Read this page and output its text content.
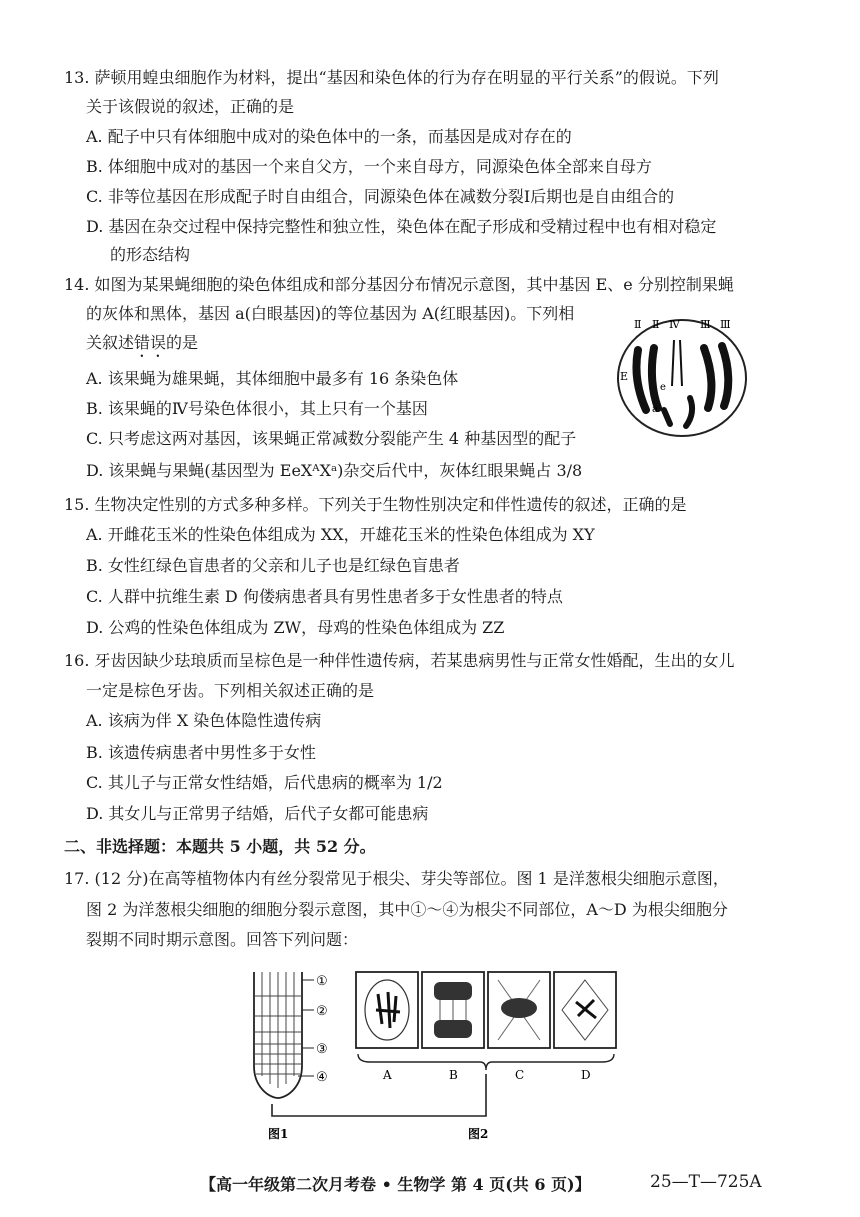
13. 萨顿用蝗虫细胞作为材料，提出“基因和染色体的行为存在明显的平行关系”的假说。下列
关于该假说的叙述，正确的是
A. 配子中只有体细胞中成对的染色体中的一条，而基因是成对存在的
B. 体细胞中成对的基因一个来自父方，一个来自母方，同源染色体全部来自母方
C. 非等位基因在形成配子时自由组合，同源染色体在减数分裂Ⅰ后期也是自由组合的
D. 基因在杂交过程中保持完整性和独立性，染色体在配子形成和受精过程中也有相对稳定
的形态结构
14. 如图为某果蝇细胞的染色体组成和部分基因分布情况示意图，其中基因 E、e 分别控制果蝇
的灰体和黑体，基因 a(白眼基因)的等位基因为 A(红眼基因)。下列相
关叙述错误的是
A. 该果蝇为雄果蝇，其体细胞中最多有 16 条染色体
B. 该果蝇的Ⅳ号染色体很小，其上只有一个基因
C. 只考虑这两对基因，该果蝇正常减数分裂能产生 4 种基因型的配子
D. 该果蝇与果蝇(基因型为 EeXᴬXᵃ)杂交后代中，灰体红眼果蝇占 3/8
Ⅱ Ⅱ Ⅳ Ⅲ Ⅲ
E
e
a
15. 生物决定性别的方式多种多样。下列关于生物性别决定和伴性遗传的叙述，正确的是
A. 开雌花玉米的性染色体组成为 XX，开雄花玉米的性染色体组成为 XY
B. 女性红绿色盲患者的父亲和儿子也是红绿色盲患者
C. 人群中抗维生素 D 佝偻病患者具有男性患者多于女性患者的特点
D. 公鸡的性染色体组成为 ZW，母鸡的性染色体组成为 ZZ
16. 牙齿因缺少珐琅质而呈棕色是一种伴性遗传病，若某患病男性与正常女性婚配，生出的女儿
一定是棕色牙齿。下列相关叙述正确的是
A. 该病为伴 X 染色体隐性遗传病
B. 该遗传病患者中男性多于女性
C. 其儿子与正常女性结婚，后代患病的概率为 1/2
D. 其女儿与正常男子结婚，后代子女都可能患病
二、非选择题：本题共 5 小题，共 52 分。
17. (12 分)在高等植物体内有丝分裂常见于根尖、芽尖等部位。图 1 是洋葱根尖细胞示意图，
图 2 为洋葱根尖细胞的细胞分裂示意图，其中①～④为根尖不同部位，A～D 为根尖细胞分
裂期不同时期示意图。回答下列问题：
①
②
③
④	A	B	C	D
图1	图2
【高一年级第二次月考卷 • 生物学 第 4 页(共 6 页)】	25—T—725A
